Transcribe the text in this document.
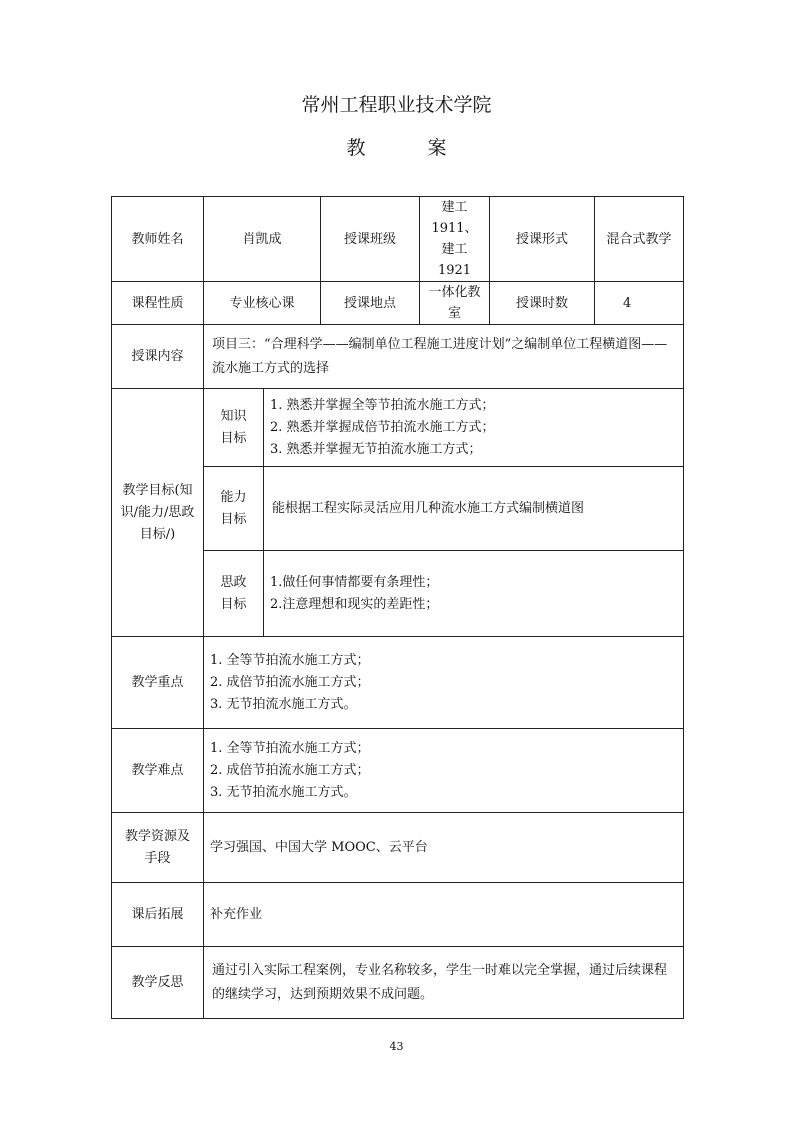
常州工程职业技术学院
教 案
教师姓名	肖凯成		授课班级	建工 1911、建工 1921	授课形式	混合式教学
课程性质	专业核心课		授课地点	一体化教室	授课时数	4
授课内容	项目三：“合理科学——编制单位工程施工进度计划”之编制单位工程横道图——流水施工方式的选择					
教学目标(知识/能力/思政目标/)	知识目标	1. 熟悉并掌握全等节拍流水施工方式；
2. 熟悉并掌握成倍节拍流水施工方式；
3. 熟悉并掌握无节拍流水施工方式；				

	能力目标	能根据工程实际灵活应用几种流水施工方式编制横道图				
	思政目标	1.做任何事情都要有条理性；
2.注意理想和现实的差距性；				

教学重点	1. 全等节拍流水施工方式；
2. 成倍节拍流水施工方式；
3. 无节拍流水施工方式。					

教学难点	1. 全等节拍流水施工方式；
2. 成倍节拍流水施工方式；
3. 无节拍流水施工方式。					

教学资源及手段	学习强国、中国大学 MOOC、云平台					
课后拓展	补充作业					
教学反思	通过引入实际工程案例，专业名称较多，学生一时难以完全掌握，通过后续课程的继续学习，达到预期效果不成问题。					
43
